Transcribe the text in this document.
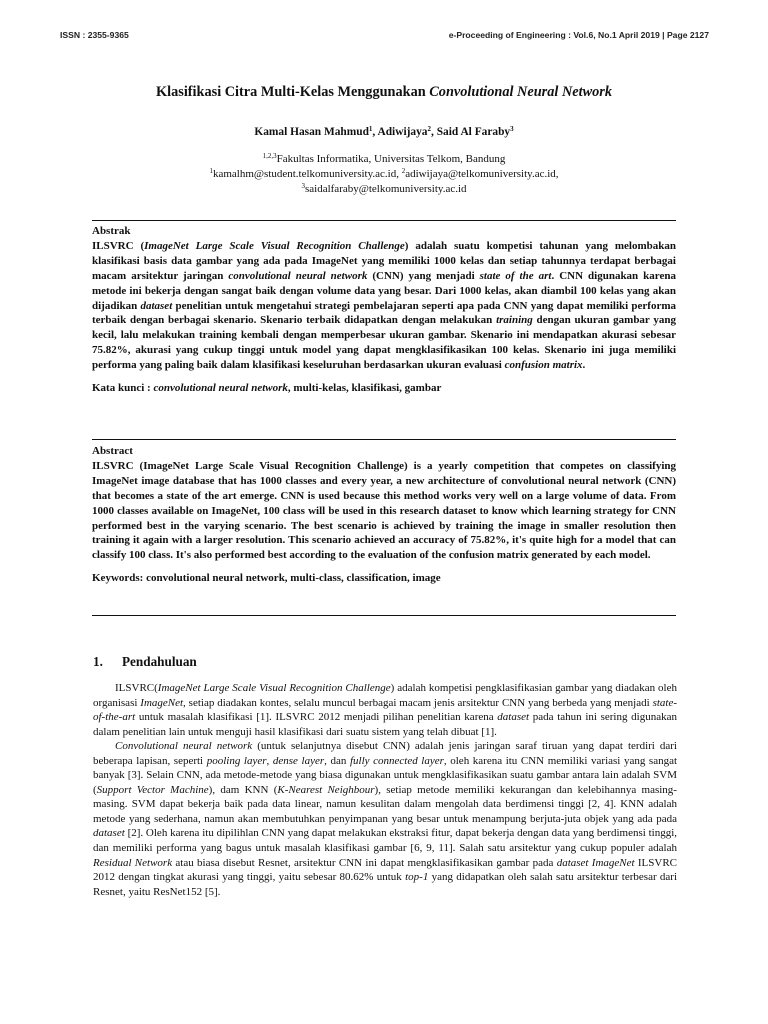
ISSN : 2355-9365	e-Proceeding of Engineering : Vol.6, No.1 April 2019 | Page 2127
Klasifikasi Citra Multi-Kelas Menggunakan Convolutional Neural Network
Kamal Hasan Mahmud$^1$, Adiwijaya$^2$, Said Al Faraby$^3$
$^{1,2,3}$Fakultas Informatika, Universitas Telkom, Bandung
$^1$kamalhm@student.telkomuniversity.ac.id, $^2$adiwijaya@telkomuniversity.ac.id,
$^3$saidalfaraby@telkomuniversity.ac.id
Abstrak
ILSVRC (ImageNet Large Scale Visual Recognition Challenge) adalah suatu kompetisi tahunan yang melombakan klasifikasi basis data gambar yang ada pada ImageNet yang memiliki 1000 kelas dan setiap tahunnya terdapat berbagai macam arsitektur jaringan convolutional neural network (CNN) yang menjadi state of the art. CNN digunakan karena metode ini bekerja dengan sangat baik dengan volume data yang besar. Dari 1000 kelas, akan diambil 100 kelas yang akan dijadikan dataset penelitian untuk mengetahui strategi pembelajaran seperti apa pada CNN yang dapat memiliki performa terbaik dengan berbagai skenario. Skenario terbaik didapatkan dengan melakukan training dengan ukuran gambar yang kecil, lalu melakukan training kembali dengan memperbesar ukuran gambar. Skenario ini mendapatkan akurasi sebesar 75.82%, akurasi yang cukup tinggi untuk model yang dapat mengklasifikasikan 100 kelas. Skenario ini juga memiliki performa yang paling baik dalam klasifikasi keseluruhan berdasarkan ukuran evaluasi confusion matrix.
Kata kunci : convolutional neural network, multi-kelas, klasifikasi, gambar
Abstract
ILSVRC (ImageNet Large Scale Visual Recognition Challenge) is a yearly competition that competes on classifying ImageNet image database that has 1000 classes and every year, a new architecture of convolutional neural network (CNN) that becomes a state of the art emerge. CNN is used because this method works very well on a large volume of data. From 1000 classes available on ImageNet, 100 class will be used in this research dataset to know which learning strategy for CNN performed best in the varying scenario. The best scenario is achieved by training the image in smaller resolution then training it again with a larger resolution. This scenario achieved an accuracy of 75.82%, it's quite high for a model that can classify 100 class. It's also performed best according to the evaluation of the confusion matrix generated by each model.
Keywords: convolutional neural network, multi-class, classification, image
1. Pendahuluan

ILSVRC(ImageNet Large Scale Visual Recognition Challenge) adalah kompetisi pengklasifikasian gambar yang diadakan oleh organisasi ImageNet, setiap diadakan kontes, selalu muncul berbagai macam jenis arsitektur CNN yang berbeda yang menjadi state-of-the-art untuk masalah klasifikasi [1]. ILSVRC 2012 menjadi pilihan penelitian karena dataset pada tahun ini sering digunakan dalam penelitian lain untuk menguji hasil klasifikasi dari suatu sistem yang telah dibuat [1].

Convolutional neural network (untuk selanjutnya disebut CNN) adalah jenis jaringan saraf tiruan yang dapat terdiri dari beberapa lapisan, seperti pooling layer, dense layer, dan fully connected layer, oleh karena itu CNN memiliki variasi yang sangat banyak [3]. Selain CNN, ada metode-metode yang biasa digunakan untuk mengklasifikasikan suatu gambar antara lain adalah SVM (Support Vector Machine), dam KNN (K-Nearest Neighbour), setiap metode memiliki kekurangan dan kelebihannya masing-masing. SVM dapat bekerja baik pada data linear, namun kesulitan dalam mengolah data berdimensi tinggi [2, 4]. KNN adalah metode yang sederhana, namun akan membutuhkan penyimpanan yang besar untuk menampung berjuta-juta objek yang ada pada dataset [2]. Oleh karena itu dipilihlan CNN yang dapat melakukan ekstraksi fitur, dapat bekerja dengan data yang berdimensi tinggi, dan memiliki performa yang bagus untuk masalah klasifikasi gambar [6, 9, 11]. Salah satu arsitektur yang cukup populer adalah Residual Network atau biasa disebut Resnet, arsitektur CNN ini dapat mengklasifikasikan gambar pada dataset ImageNet ILSVRC 2012 dengan tingkat akurasi yang tinggi, yaitu sebesar 80.62% untuk top-1 yang didapatkan oleh salah satu arsitektur terbesar dari Resnet, yaitu ResNet152 [5].
